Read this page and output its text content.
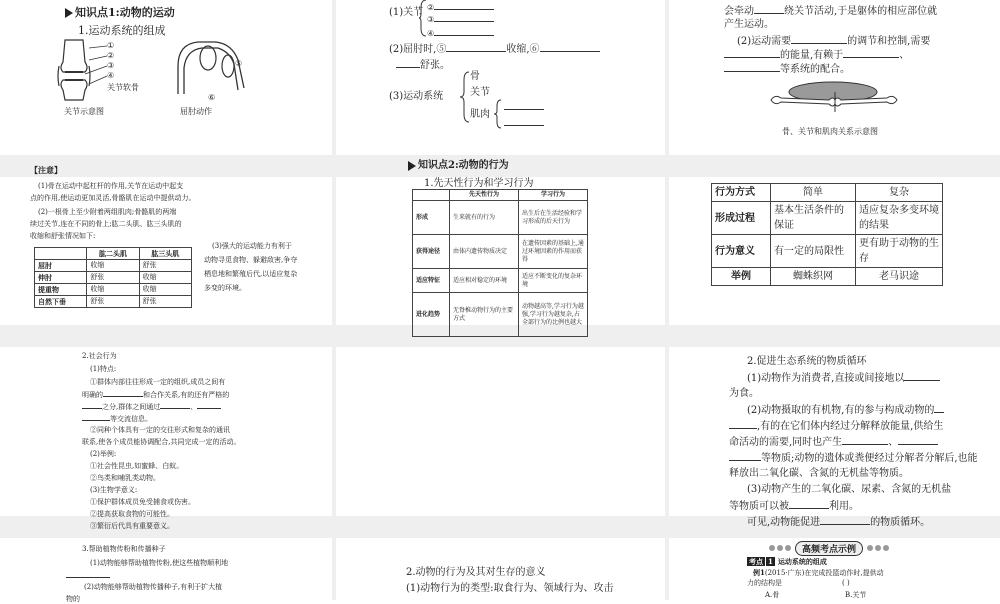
知识点1:动物的运动
1.运动系统的组成
①
②
③
④
关节软骨
⑤
⑥
关节示意图	屈肘动作
(1)关节 ②
③
④
(2)屈肘时,⑤	收缩,⑥
舒张。
(3)运动系统
骨
关节
肌肉
会牵动	绕关节活动,于是躯体的相应部位就
产生运动。
(2)运动需要	的调节和控制,需要
的能量,有赖于	、
等系统的配合。
骨、关节和肌肉关系示意图
【注意】
(1)骨在运动中起杠杆的作用,关节在运动中起支
点的作用,使运动更加灵活,骨骼肌在运动中提供动力。
(2)一根骨上至少附着两组肌肉;骨骼肌的两端
续过关节,连在不同的骨上;肱二头肌、肱三头肌的
收缩和舒张情况如下:
	肱二头肌	肱三头肌
屈肘	收缩	舒张
伸肘	舒张	收缩
提重物	收缩	收缩
自然下垂	舒张	舒张
(3)强大的运动能力有利于
动物寻觅食物、躲避敌害,争夺
栖息地和繁殖后代,以适应复杂
多变的环境。
知识点2:动物的行为
1.先天性行为和学习行为
	先天性行为	学习行为
形成	生来就有的行为	出生后在生活经验和学习形成的后天行为
获得途径	由体内遗传物质决定	在遗传因素的基础上,通过环境因素的作用而获得
适应特征	适应相对稳定的环境	适应不断变化的复杂环境
进化趋势	无脊椎动物行为的主要方式	动物越高等,学习行为越强,学习行为越复杂,占全部行为的比例也越大
行为方式	简单	复杂
形成过程	基本生活条件的保证	适应复杂多变环境的结果
行为意义	有一定的局限性	更有助于动物的生存
举例	蜘蛛织网	老马识途
2.社会行为
(1)特点:
①群体内部往往形成一定的组织,成员之间有
明确的	和合作关系,有的还有严格的
之分,群体之间通过	、
等交流信息。
②同种个体具有一定的交往形式和复杂的通讯
联系,使各个成员能协调配合,共同完成一定的活动。
(2)举例:
①社会性昆虫,如蜜蜂、白蚁。
②鸟类和哺乳类动物。
(3)生物学意义:
①保护群体成员免受捕食或伤害。
②提高获取食物的可能性。
③繁衍后代具有重要意义。
2.促进生态系统的物质循环
(1)动物作为消费者,直接或间接地以
为食。
(2)动物摄取的有机物,有的参与构成动物的
,有的在它们体内经过分解释放能量,供给生
命活动的需要,同时也产生	、
等物质;动物的遗体或粪便经过分解者分解后,也能
释放出二氧化碳、含氮的无机盐等物质。
(3)动物产生的二氧化碳、尿素、含氮的无机盐
等物质可以被	利用。
可见,动物能促进	的物质循环。
3.帮助植物传粉和传播种子
(1)动物能够帮助植物传粉,使这些植物顺利地
(2)动物能够帮助植物传播种子,有利于扩大植
物的
2.动物的行为及其对生存的意义
(1)动物行为的类型:取食行为、领域行为、攻击
高频考点示例
考点 1 运动系统的组成
例1(2015·广东)在完成投篮动作时,提供动
力的结构是	( )
A.骨	B.关节
